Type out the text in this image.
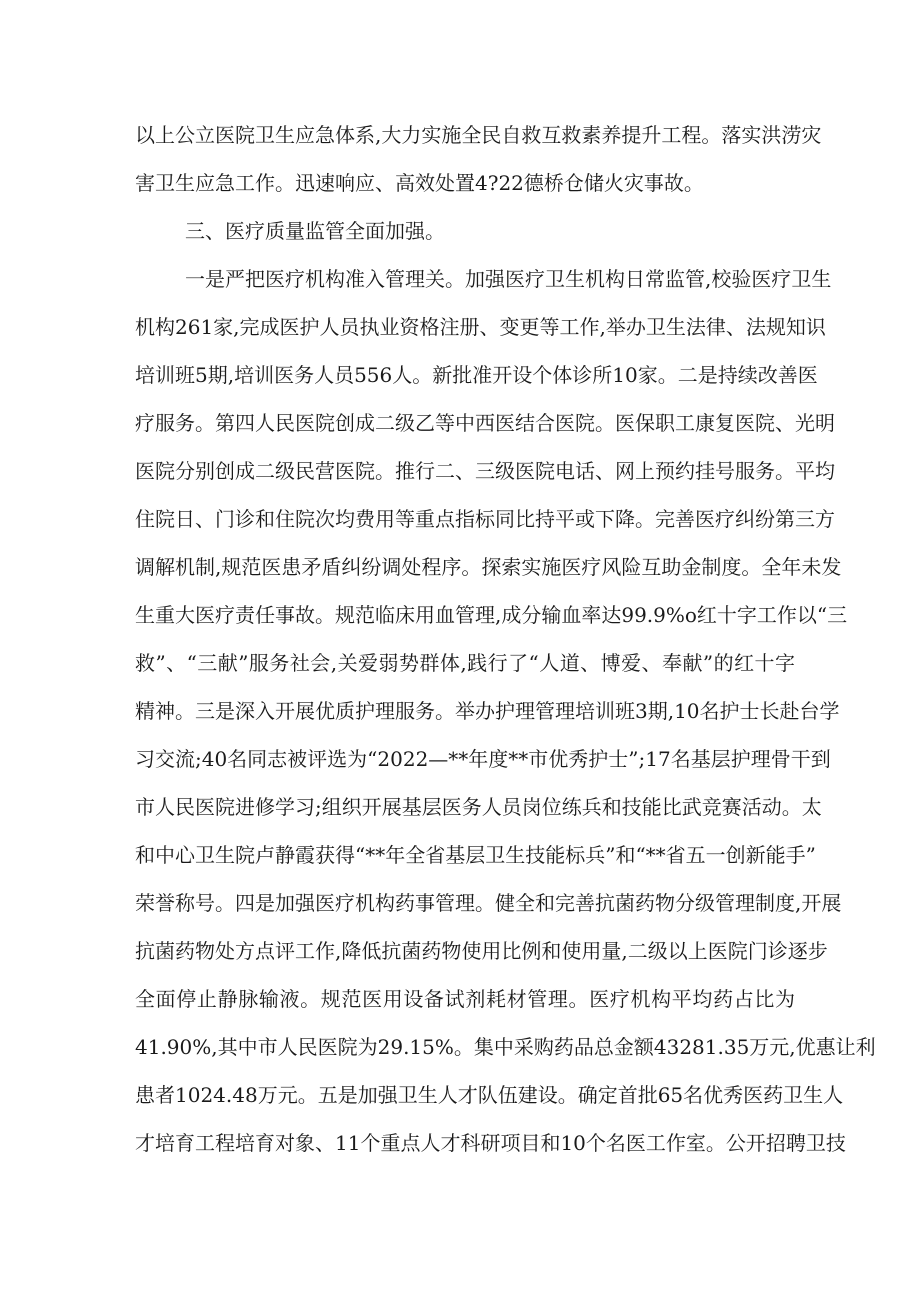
以上公立医院卫生应急体系,大力实施全民自救互救素养提升工程。落实洪涝灾
害卫生应急工作。迅速响应、高效处置4?22德桥仓储火灾事故。
三、医疗质量监管全面加强。
一是严把医疗机构准入管理关。加强医疗卫生机构日常监管,校验医疗卫生
机构261家,完成医护人员执业资格注册、变更等工作,举办卫生法律、法规知识
培训班5期,培训医务人员556人。新批准开设个体诊所10家。二是持续改善医
疗服务。第四人民医院创成二级乙等中西医结合医院。医保职工康复医院、光明
医院分别创成二级民营医院。推行二、三级医院电话、网上预约挂号服务。平均
住院日、门诊和住院次均费用等重点指标同比持平或下降。完善医疗纠纷第三方
调解机制,规范医患矛盾纠纷调处程序。探索实施医疗风险互助金制度。全年未发
生重大医疗责任事故。规范临床用血管理,成分输血率达99.9%o红十字工作以“三
救”、“三献”服务社会,关爱弱势群体,践行了“人道、博爱、奉献”的红十字
精神。三是深入开展优质护理服务。举办护理管理培训班3期,10名护士长赴台学
习交流;40名同志被评选为“2022—**年度**市优秀护士”;17名基层护理骨干到
市人民医院进修学习;组织开展基层医务人员岗位练兵和技能比武竞赛活动。太
和中心卫生院卢静霞获得“**年全省基层卫生技能标兵”和“**省五一创新能手”
荣誉称号。四是加强医疗机构药事管理。健全和完善抗菌药物分级管理制度,开展
抗菌药物处方点评工作,降低抗菌药物使用比例和使用量,二级以上医院门诊逐步
全面停止静脉输液。规范医用设备试剂耗材管理。医疗机构平均药占比为
41.90%,其中市人民医院为29.15%。集中采购药品总金额43281.35万元,优惠让利
患者1024.48万元。五是加强卫生人才队伍建设。确定首批65名优秀医药卫生人
才培育工程培育对象、11个重点人才科研项目和10个名医工作室。公开招聘卫技
